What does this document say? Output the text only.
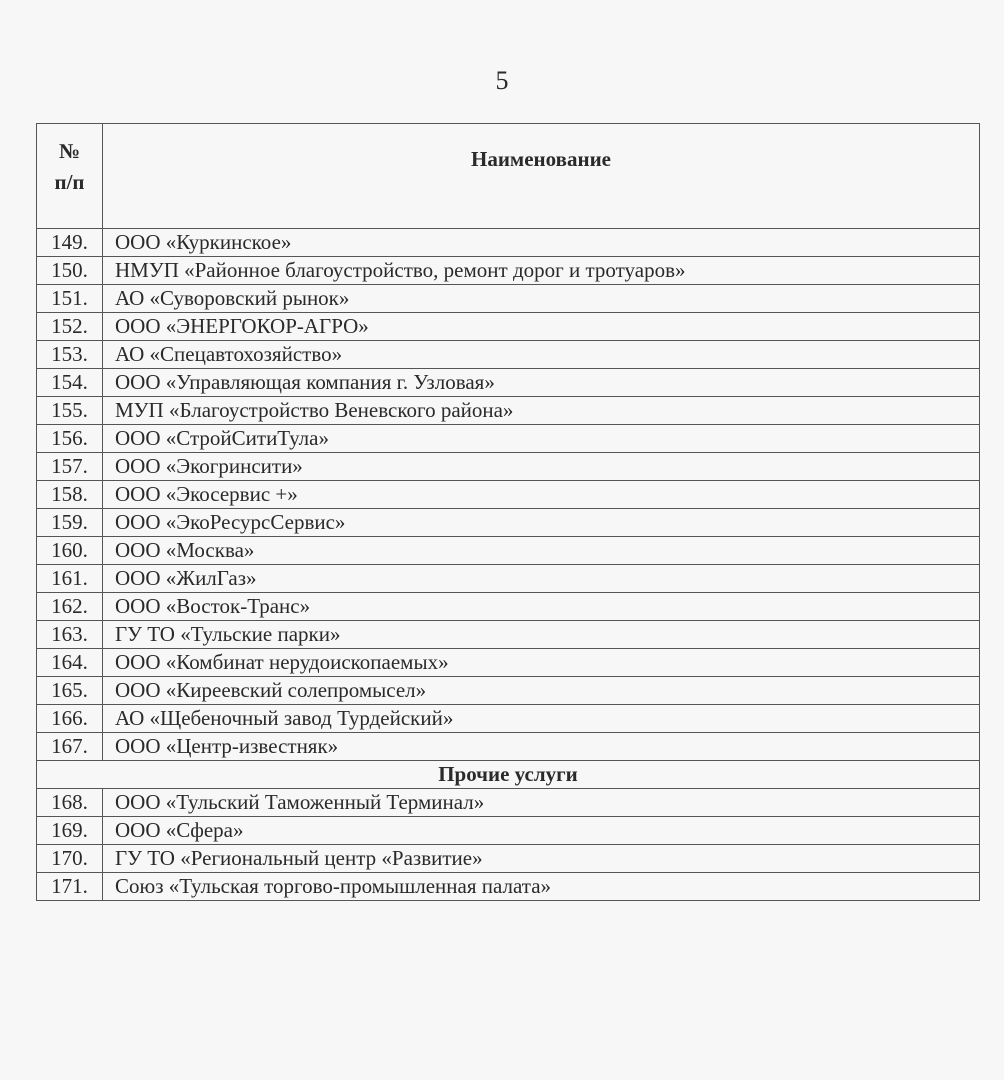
5
№
п/п	Наименование
149.	ООО «Куркинское»
150.	НМУП «Районное благоустройство, ремонт дорог и тротуаров»
151.	АО «Суворовский рынок»
152.	ООО «ЭНЕРГОКОР-АГРО»
153.	АО «Спецавтохозяйство»
154.	ООО «Управляющая компания г. Узловая»
155.	МУП «Благоустройство Веневского района»
156.	ООО «СтройСитиТула»
157.	ООО «Экогринсити»
158.	ООО «Экосервис +»
159.	ООО «ЭкоРесурсСервис»
160.	ООО «Москва»
161.	ООО «ЖилГаз»
162.	ООО «Восток-Транс»
163.	ГУ ТО «Тульские парки»
164.	ООО «Комбинат нерудоископаемых»
165.	ООО «Киреевский солепромысел»
166.	АО «Щебеночный завод Турдейский»
167.	ООО «Центр-известняк»
Прочие услуги	
168.	ООО «Тульский Таможенный Терминал»
169.	ООО «Сфера»
170.	ГУ ТО «Региональный центр «Развитие»
171.	Союз «Тульская торгово-промышленная палата»
